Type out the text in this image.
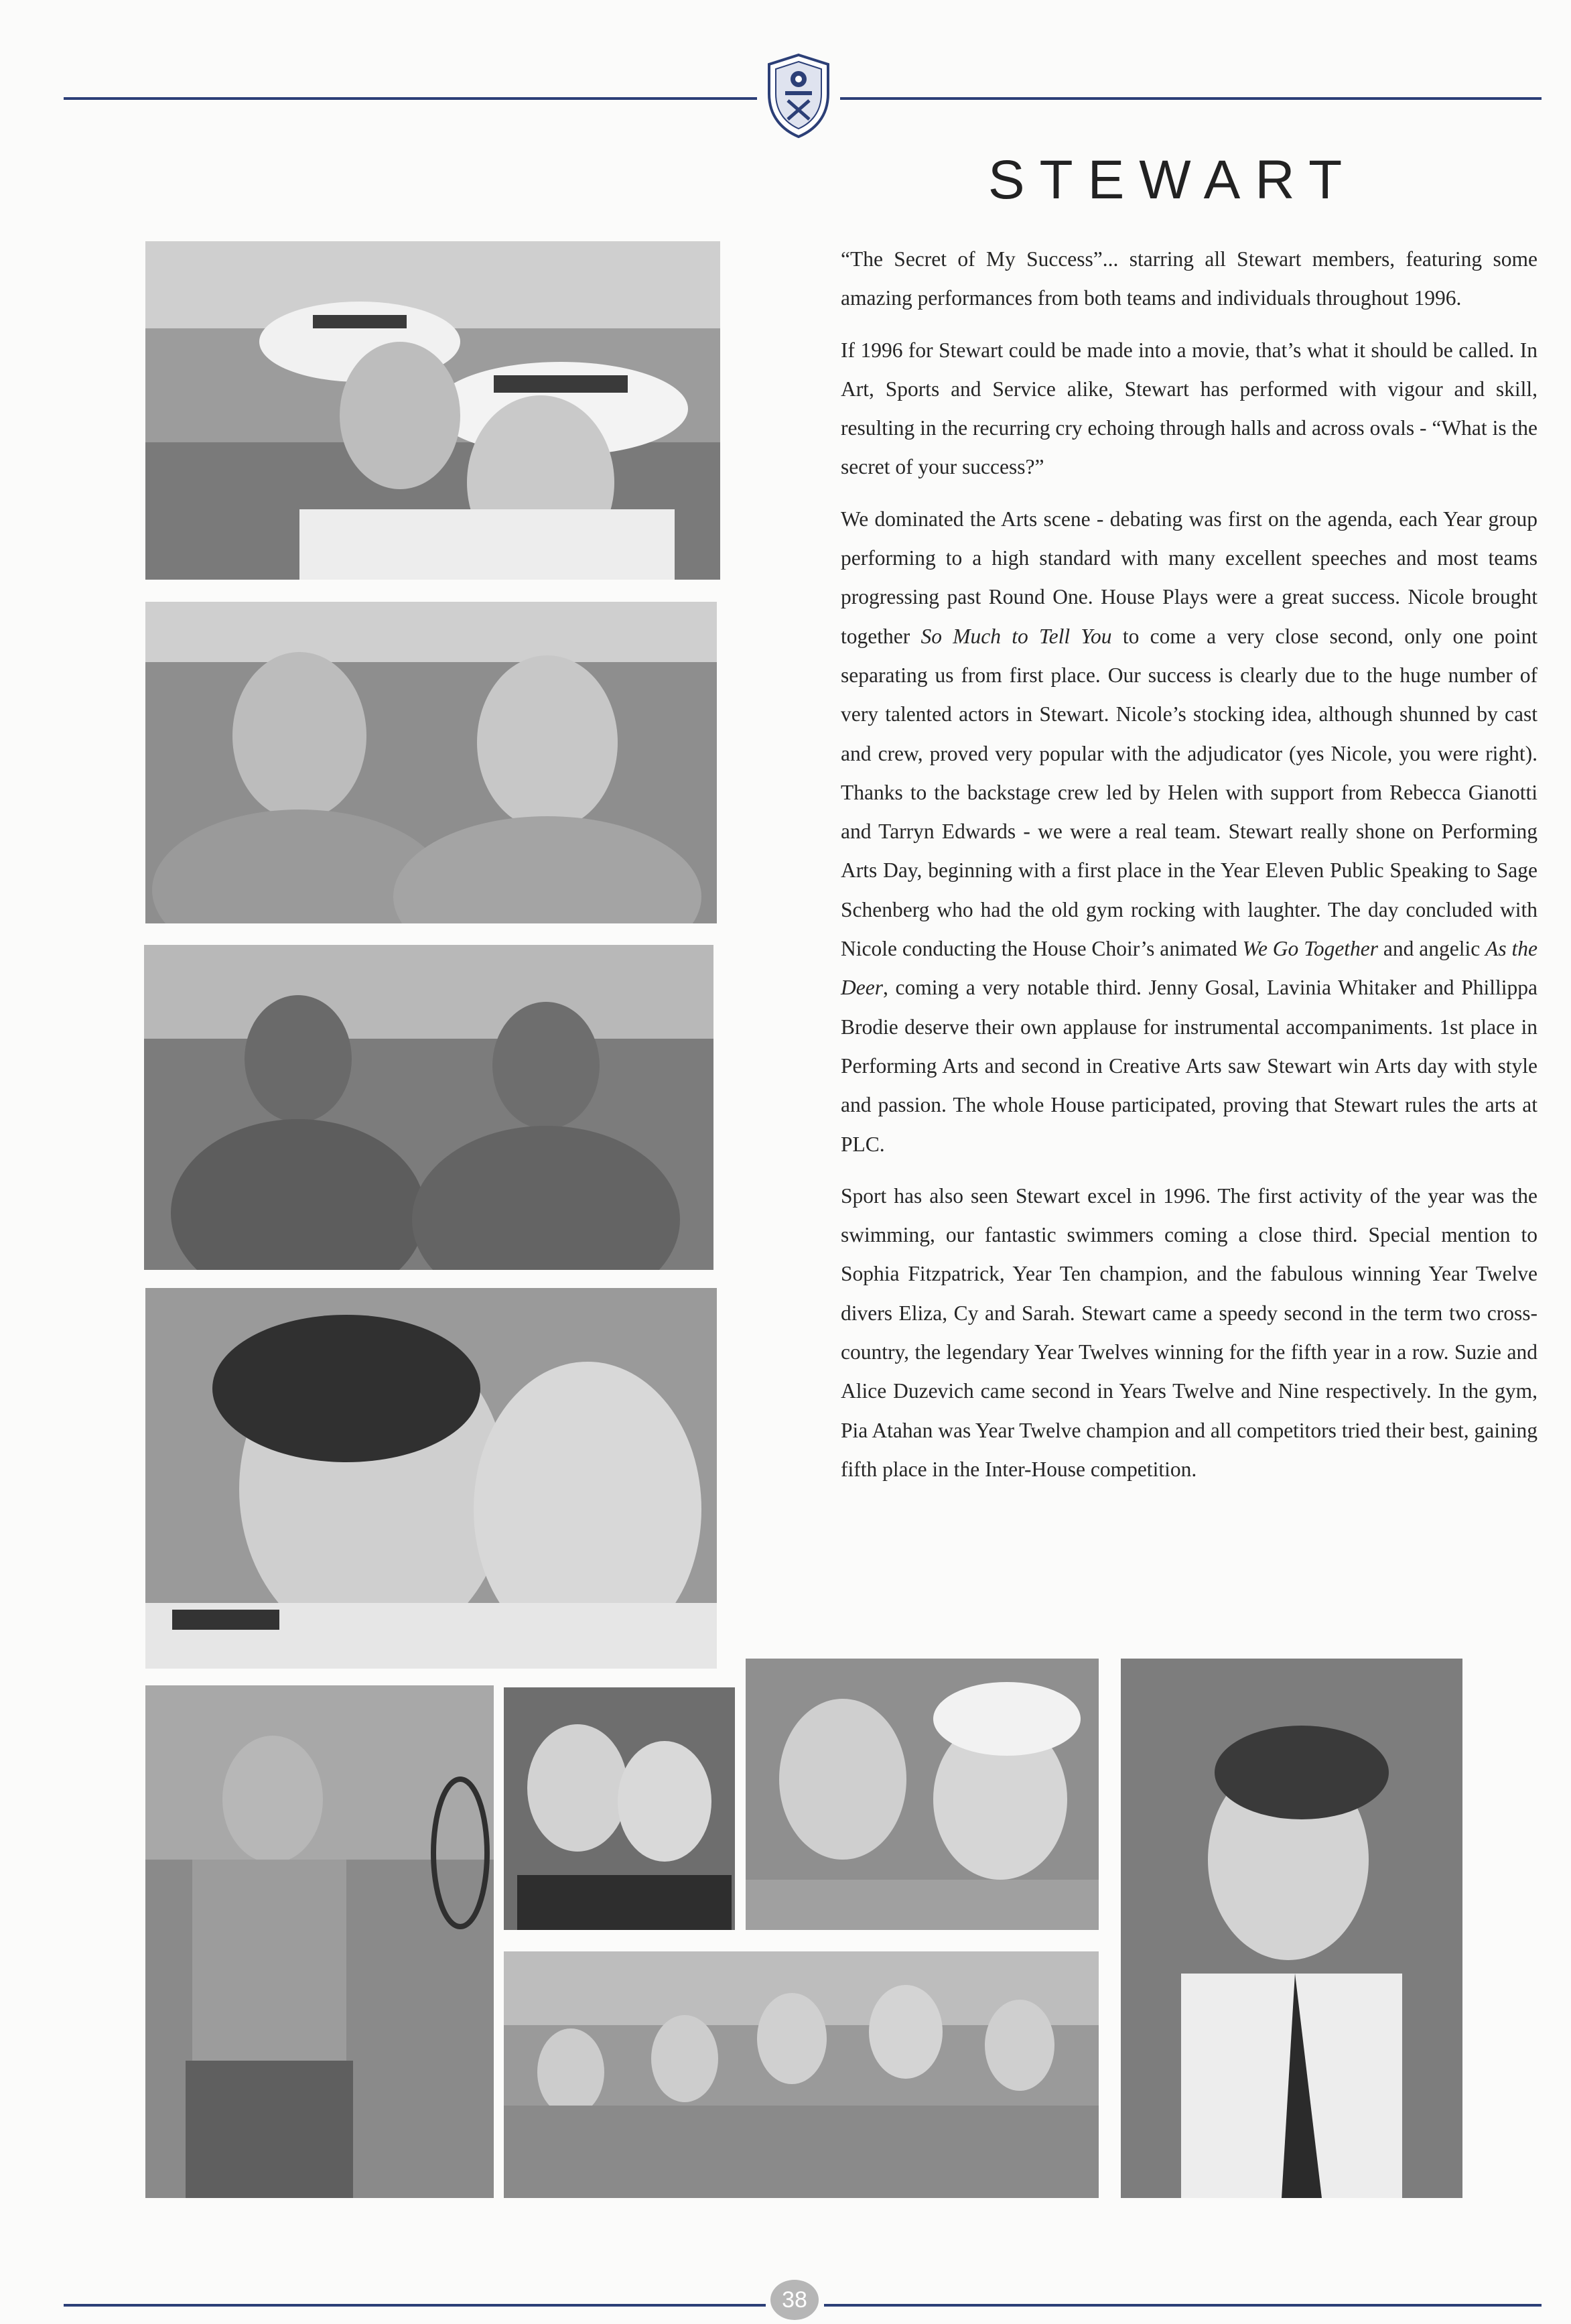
STEWART

“The Secret of My Success”... starring all Stewart members, featuring some amazing performances from both teams and individuals throughout 1996.

If 1996 for Stewart could be made into a movie, that’s what it should be called. In Art, Sports and Service alike, Stewart has performed with vigour and skill, resulting in the recurring cry echoing through halls and across ovals - “What is the secret of your success?”

We dominated the Arts scene - debating was first on the agenda, each Year group performing to a high standard with many excellent speeches and most teams progressing past Round One. House Plays were a great success. Nicole brought together So Much to Tell You to come a very close second, only one point separating us from first place. Our success is clearly due to the huge number of very talented actors in Stewart. Nicole’s stocking idea, although shunned by cast and crew, proved very popular with the adjudicator (yes Nicole, you were right). Thanks to the backstage crew led by Helen with support from Rebecca Gianotti and Tarryn Edwards - we were a real team. Stewart really shone on Performing Arts Day, beginning with a first place in the Year Eleven Public Speaking to Sage Schenberg who had the old gym rocking with laughter. The day concluded with Nicole conducting the House Choir’s animated We Go Together and angelic As the Deer, coming a very notable third. Jenny Gosal, Lavinia Whitaker and Phillippa Brodie deserve their own applause for instrumental accompaniments. 1st place in Performing Arts and second in Creative Arts saw Stewart win Arts day with style and passion. The whole House participated, proving that Stewart rules the arts at PLC.

Sport has also seen Stewart excel in 1996. The first activity of the year was the swimming, our fantastic swimmers coming a close third. Special mention to Sophia Fitzpatrick, Year Ten champion, and the fabulous winning Year Twelve divers Eliza, Cy and Sarah. Stewart came a speedy second in the term two cross-country, the legendary Year Twelves winning for the fifth year in a row. Suzie and Alice Duzevich came second in Years Twelve and Nine respectively. In the gym, Pia Atahan was Year Twelve champion and all competitors tried their best, gaining fifth place in the Inter-House competition.

38
